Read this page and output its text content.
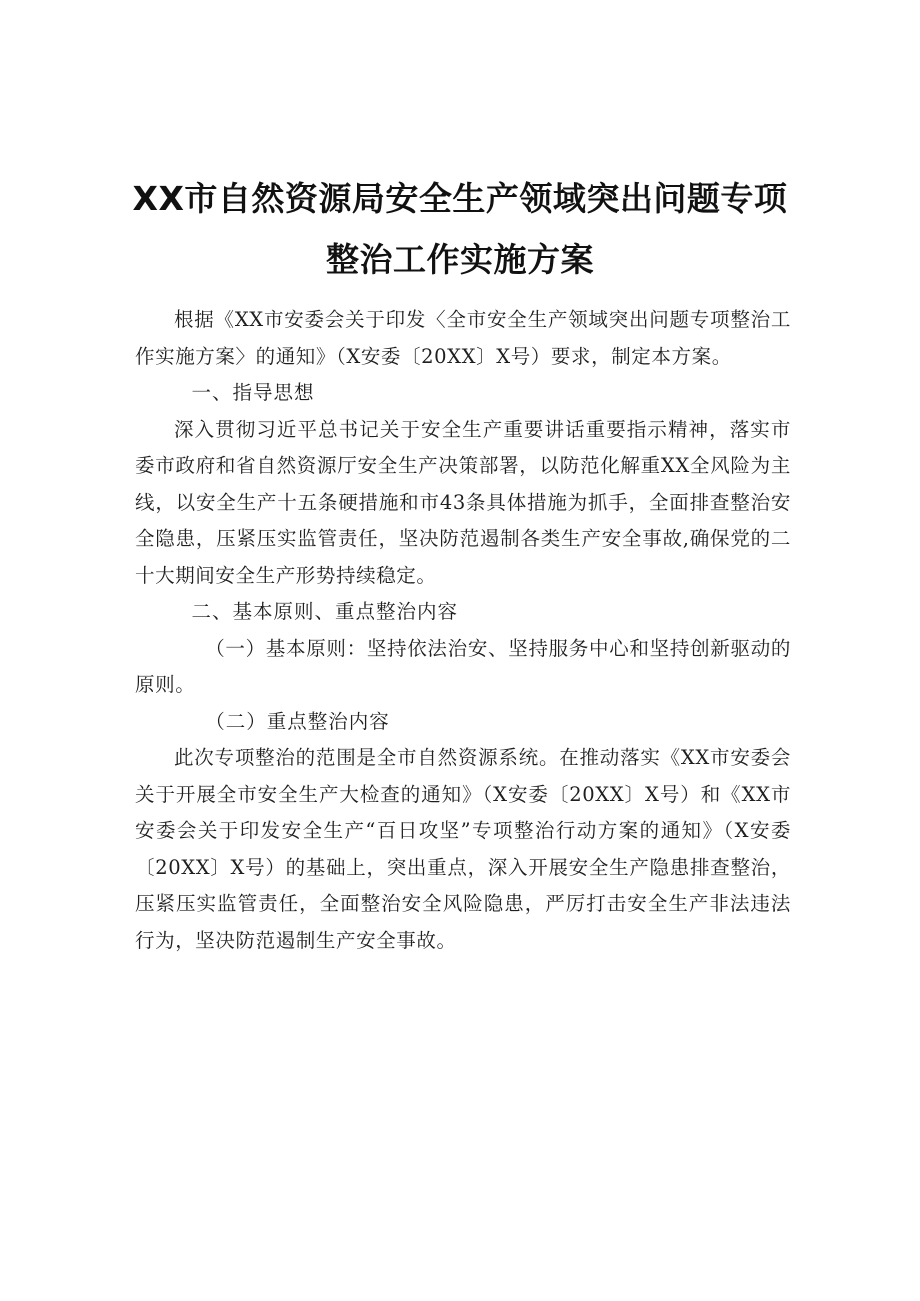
XX市自然资源局安全生产领域突出问题专项
整治工作实施方案

根据《XX市安委会关于印发〈全市安全生产领域突出问题专项整治工作实施方案〉的通知》（X安委〔20XX〕X号）要求，制定本方案。

一、指导思想

深入贯彻习近平总书记关于安全生产重要讲话重要指示精神，落实市委市政府和省自然资源厅安全生产决策部署，以防范化解重XX全风险为主线，以安全生产十五条硬措施和市43条具体措施为抓手，全面排查整治安全隐患，压紧压实监管责任，坚决防范遏制各类生产安全事故,确保党的二十大期间安全生产形势持续稳定。

二、基本原则、重点整治内容

（一）基本原则：坚持依法治安、坚持服务中心和坚持创新驱动的原则。

（二）重点整治内容

此次专项整治的范围是全市自然资源系统。在推动落实《XX市安委会关于开展全市安全生产大检查的通知》（X安委〔20XX〕X号）和《XX市安委会关于印发安全生产“百日攻坚”专项整治行动方案的通知》（X安委〔20XX〕X号）的基础上，突出重点，深入开展安全生产隐患排查整治，压紧压实监管责任，全面整治安全风险隐患，严厉打击安全生产非法违法行为，坚决防范遏制生产安全事故。
